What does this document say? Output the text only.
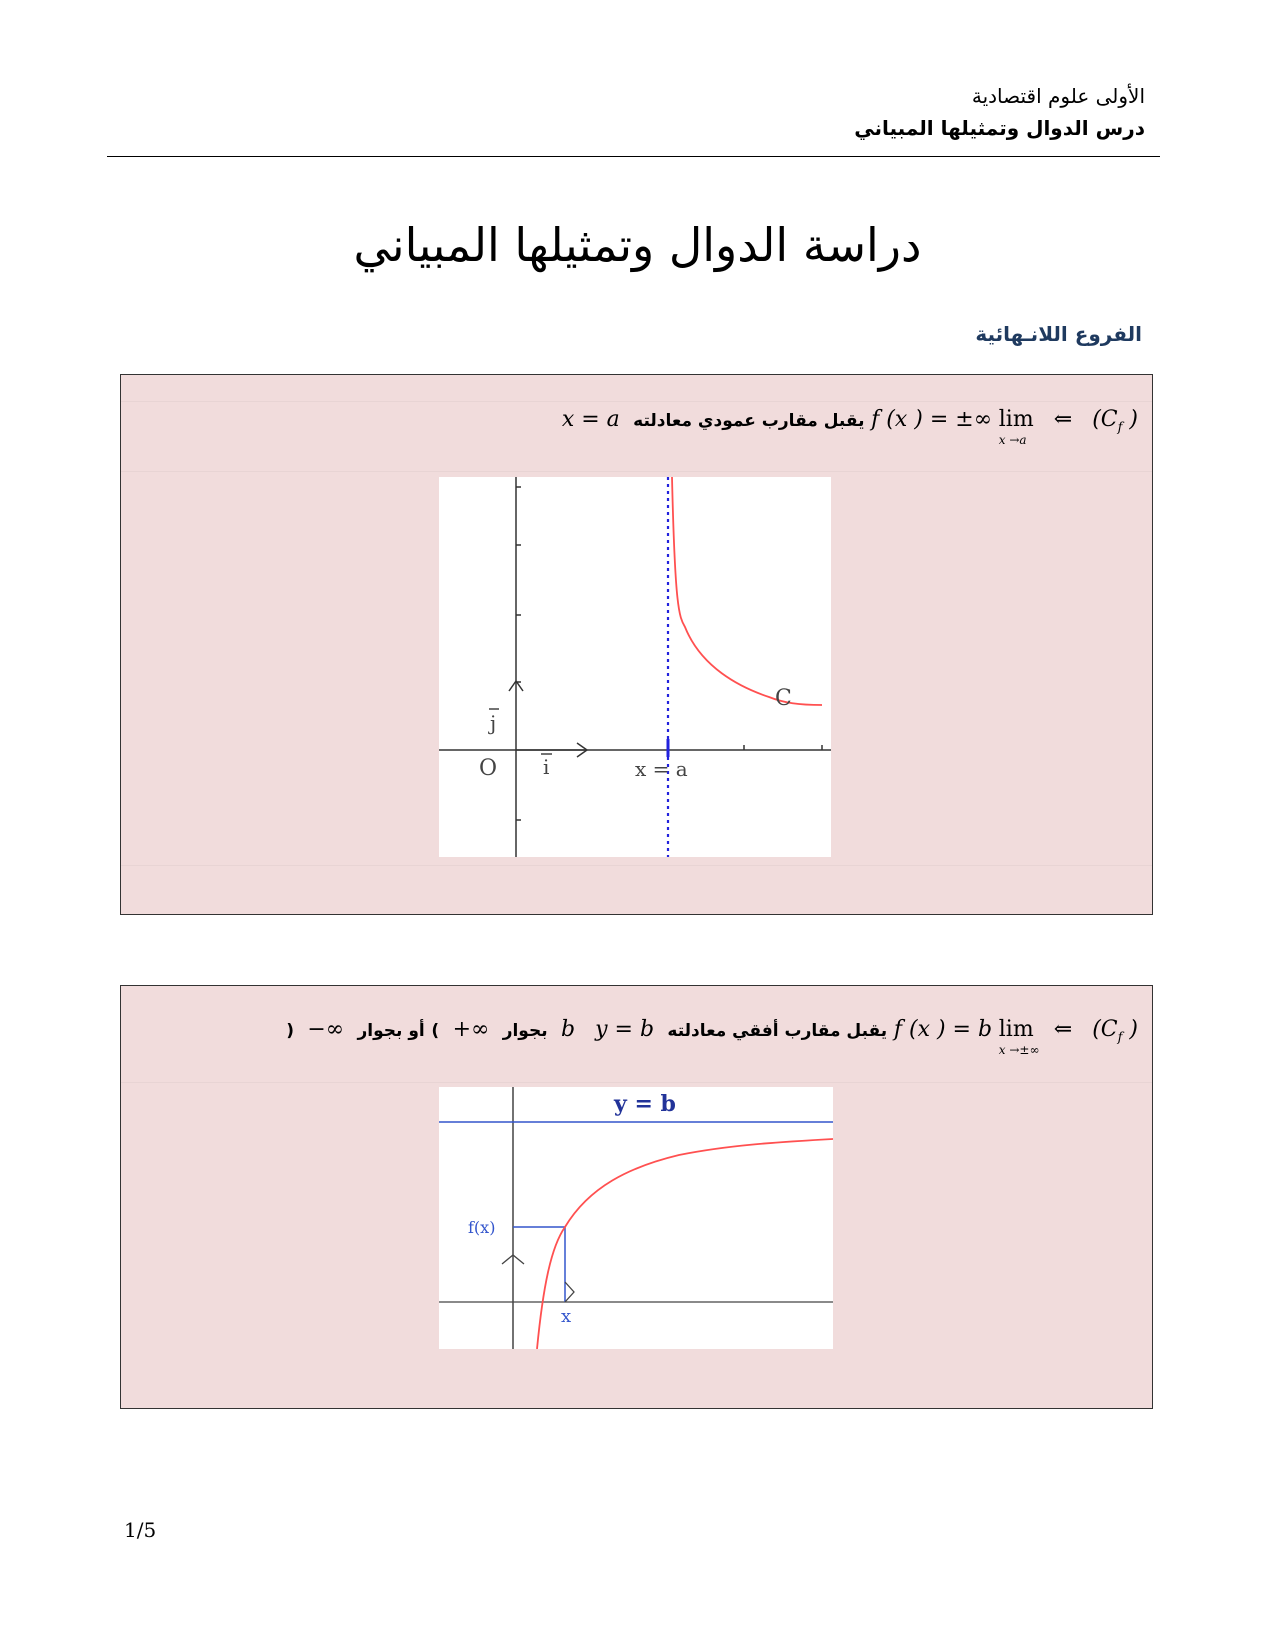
الأولى علوم اقتصادية
درس الدوال وتمثيلها المبياني
دراسة الدوال وتمثيلها المبياني
الفروع اللانـهائية
f (x ) = ±∞ lim
x →a
⇐ ($C_f$ ) يقبل مقارب عمودي معادلته  x = a
C
j
i
O	x = a
f (x ) = b lim
x →±∞
⇐ ($C_f$ ) يقبل مقارب أفقي معادلته  b y = b  بجوار  +∞  ) أو بجوار  −∞  (
y = b
f(x)
x
1/5
